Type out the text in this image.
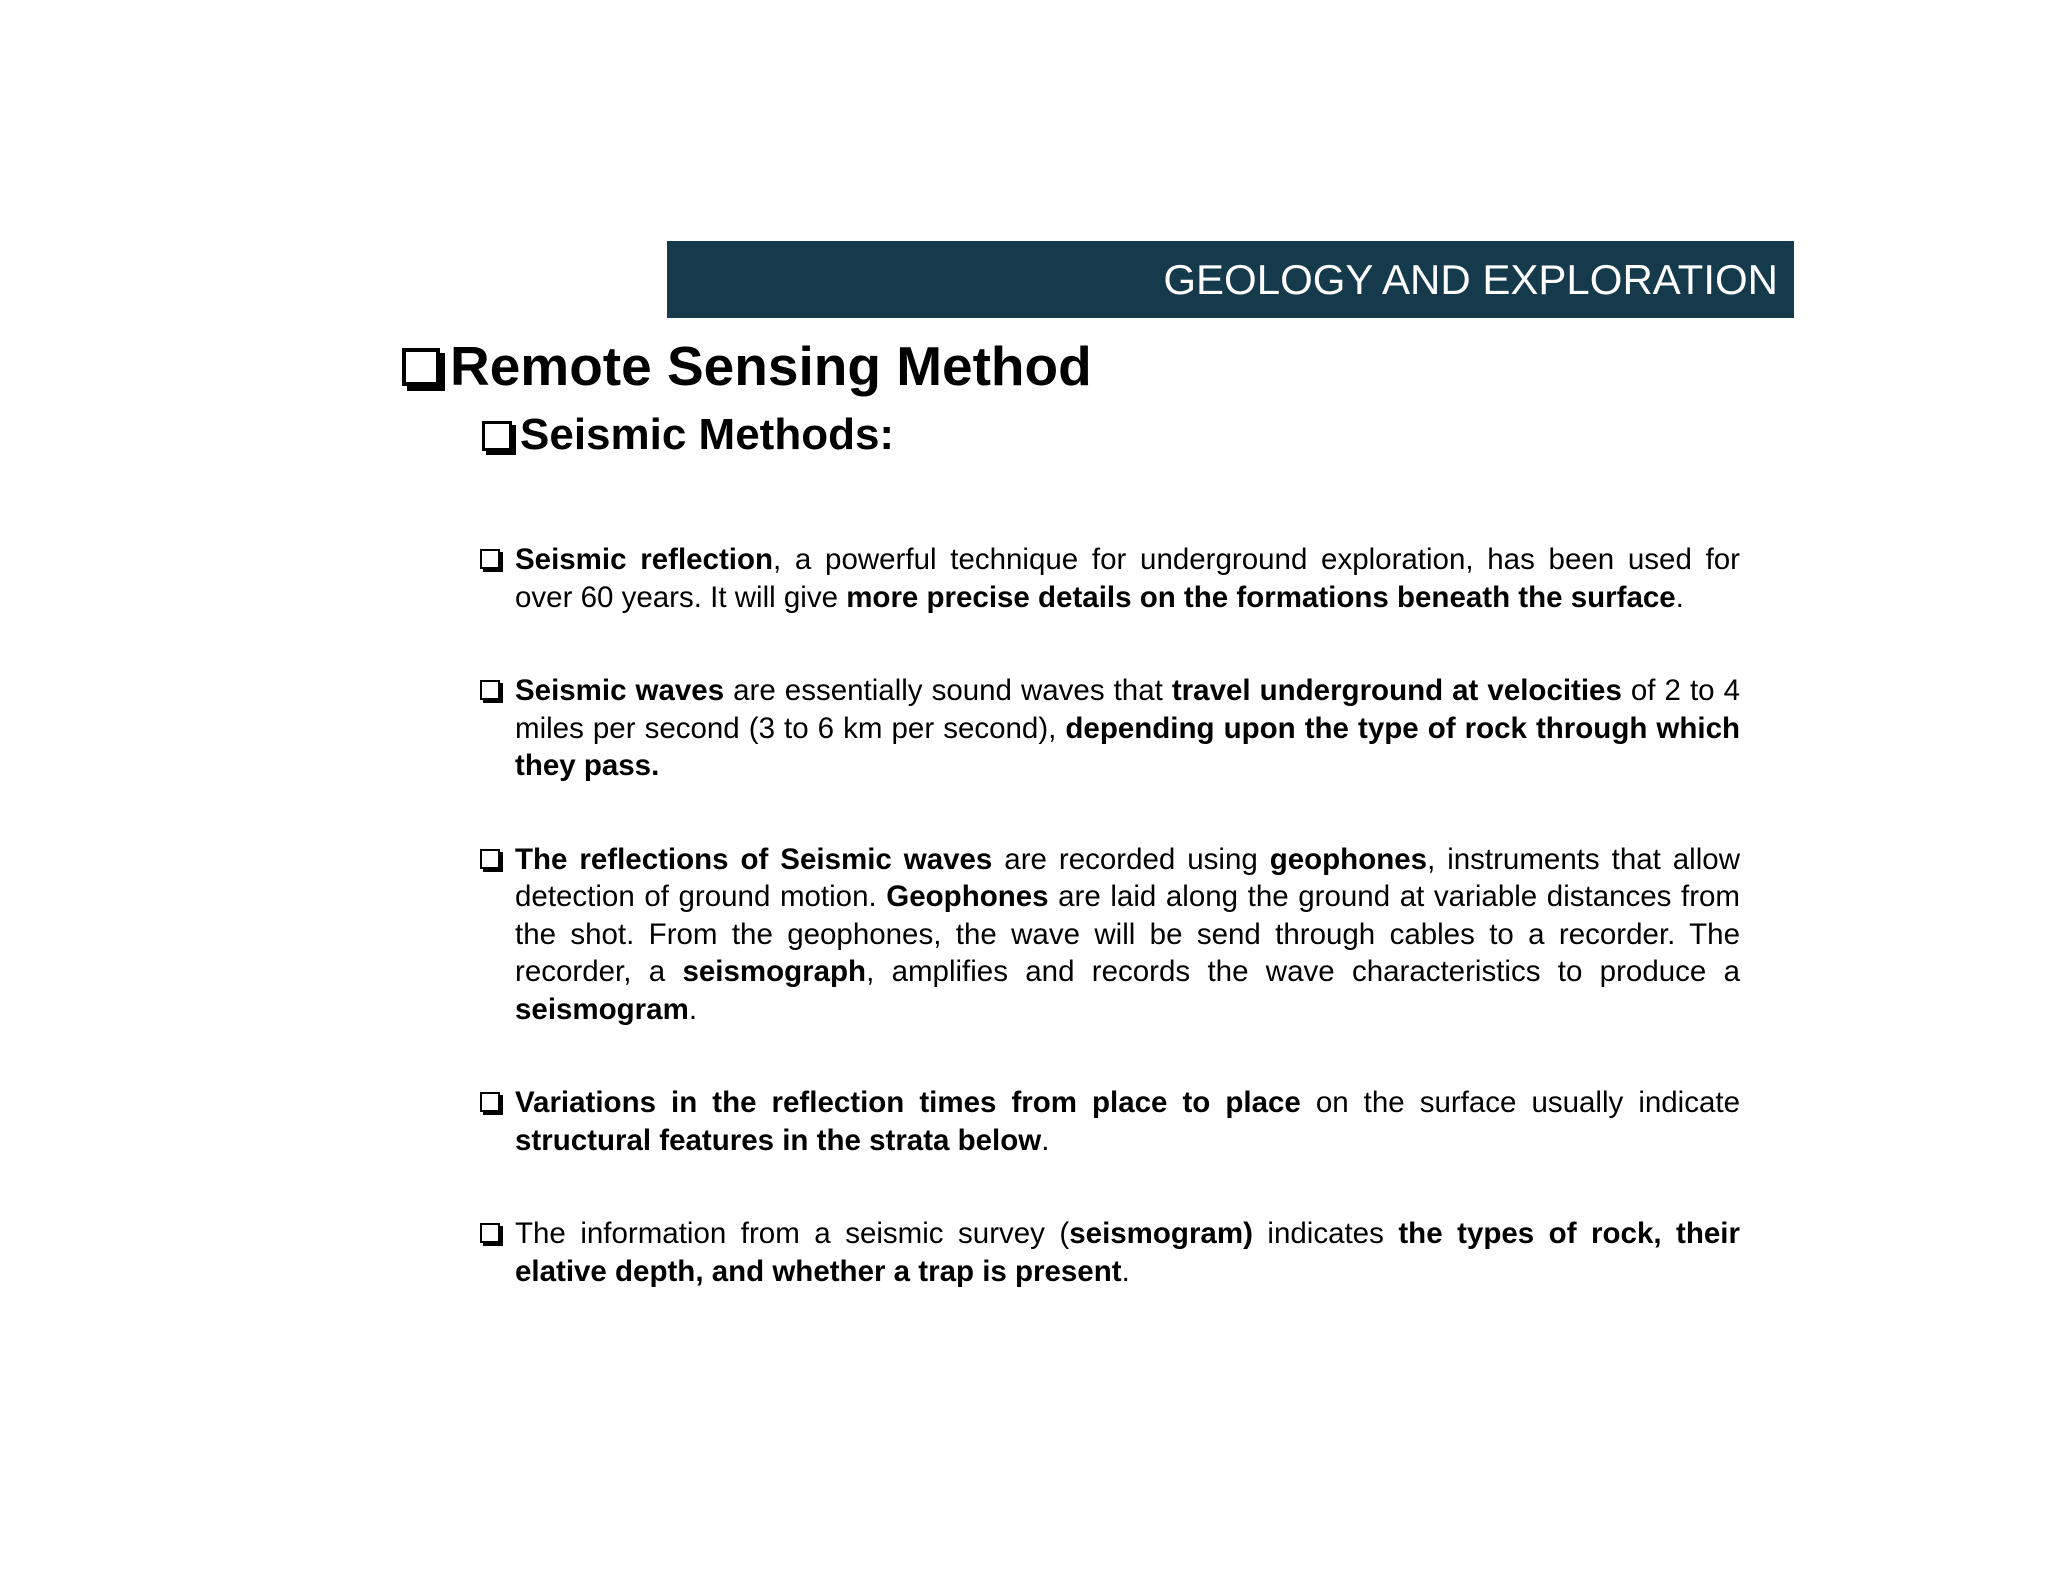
GEOLOGY AND EXPLORATION
Remote Sensing Method
Seismic Methods:
Seismic reflection, a powerful technique for underground exploration, has been used for over 60 years. It will give more precise details on the formations beneath the surface.
Seismic waves are essentially sound waves that travel underground at velocities of 2 to 4 miles per second (3 to 6 km per second), depending upon the type of rock through which they pass.
The reflections of Seismic waves are recorded using geophones, instruments that allow detection of ground motion. Geophones are laid along the ground at variable distances from the shot. From the geophones, the wave will be send through cables to a recorder. The recorder, a seismograph, amplifies and records the wave characteristics to produce a seismogram.
Variations in the reflection times from place to place on the surface usually indicate structural features in the strata below.
The information from a seismic survey (seismogram) indicates the types of rock, their elative depth, and whether a trap is present.
